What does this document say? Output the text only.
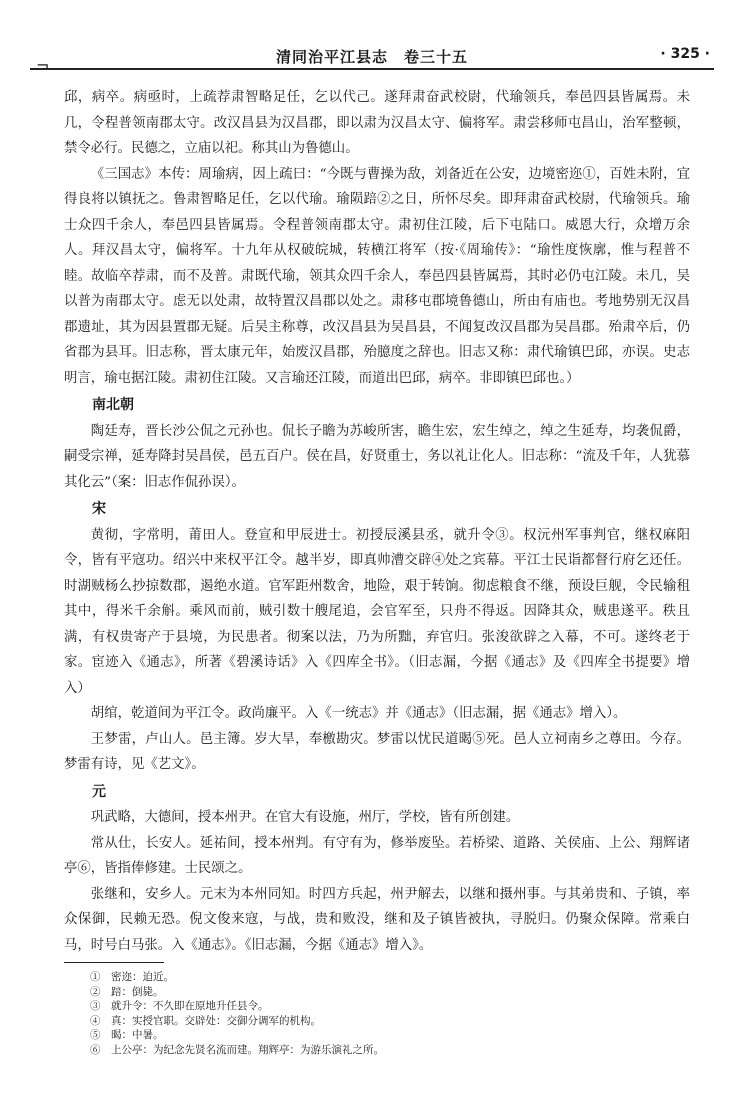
¬	清同治平江县志　卷三十五	· 325 ·

邱，病卒。病亟时，上疏荐肃智略足任，乞以代己。遂拜肃奋武校尉，代瑜领兵，奉邑四县皆属焉。未几，令程普领南郡太守。改汉昌县为汉昌郡，即以肃为汉昌太守、偏将军。肃尝移师屯昌山，治军整顿，禁令必行。民德之，立庙以祀。称其山为鲁德山。

《三国志》本传：周瑜病，因上疏曰：“今既与曹操为敌，刘备近在公安，边境密迩①，百姓未附，宜得良将以镇抚之。鲁肃智略足任，乞以代瑜。瑜陨踣②之日，所怀尽矣。即拜肃奋武校尉，代瑜领兵。瑜士众四千余人，奉邑四县皆属焉。令程普领南郡太守。肃初住江陵，后下屯陆口。威恩大行，众增万余人。拜汉昌太守，偏将军。十九年从权破皖城，转横江将军（按·《周瑜传》：“瑜性度恢廓，惟与程普不睦。故临卒荐肃，而不及普。肃既代瑜，领其众四千余人，奉邑四县皆属焉，其时必仍屯江陵。未几，吴以普为南郡太守。虑无以处肃，故特置汉昌郡以处之。肃移屯郡境鲁德山，所由有庙也。考地势别无汉昌郡遗址，其为因县置郡无疑。后吴主称尊，改汉昌县为吴昌县，不闻复改汉昌郡为吴昌郡。殆肃卒后，仍省郡为县耳。旧志称，晋太康元年，始废汉昌郡，殆臆度之辞也。旧志又称：肃代瑜镇巴邱，亦误。史志明言，瑜屯据江陵。肃初住江陵。又言瑜还江陵，而道出巴邱，病卒。非即镇巴邱也。）

南北朝

陶廷寿，晋长沙公侃之元孙也。侃长子瞻为苏峻所害，瞻生宏，宏生绰之，绰之生延寿，均袭侃爵，嗣受宗禅，延寿降封吴昌侯，邑五百户。侯在昌，好贤重士，务以礼让化人。旧志称：“流及千年，人犹慕其化云”（案：旧志作侃孙误）。

宋

黄彻，字常明，莆田人。登宣和甲辰进士。初授辰溪县丞，就升令③。权沅州军事判官，继权麻阳令，皆有平寇功。绍兴中来权平江令。越半岁，即真帅漕交辟④处之宾幕。平江士民诣都督行府乞还任。时湖贼杨么抄掠数郡，遏绝水道。官军距州数舍，地险，艰于转饷。彻虑粮食不继，预设巨舰，令民输租其中，得米千余斛。乘风而前，贼引数十艘尾追，会官军至，只舟不得返。因降其众，贼患遂平。秩且满，有权贵寄产于县境，为民患者。彻案以法，乃为所黜，弃官归。张浚欲辟之入幕，不可。遂终老于家。宦迹入《通志》，所著《碧溪诗话》入《四库全书》。（旧志漏，今据《通志》及《四库全书提要》增入）

胡绾，乾道间为平江令。政尚廉平。入《一统志》并《通志》（旧志漏，据《通志》增入）。

王梦雷，卢山人。邑主簿。岁大旱，奉檄勘灾。梦雷以忧民道暍⑤死。邑人立祠南乡之尊田。今存。梦雷有诗，见《艺文》。

元

巩武略，大德间，授本州尹。在官大有设施，州厅，学校，皆有所创建。

常从仕，长安人。延祐间，授本州判。有守有为，修举废坠。若桥梁、道路、关侯庙、上公、翔辉诸亭⑥，皆指俸修建。士民颂之。

张继和，安乡人。元末为本州同知。时四方兵起，州尹解去，以继和摄州事。与其弟贵和、子镇，率众保御，民赖无恐。倪文俊来寇，与战，贵和败没，继和及子镇皆被执，寻脱归。仍聚众保障。常乘白马，时号白马张。入《通志》。《旧志漏，今据《通志》增入》。

①　密迩：迫近。
②　踣：倒毙。
③　就升令：不久即在原地升任县令。
④　真：实授官职。交辟处：交御分调军的机构。
⑤　暍：中暑。
⑥　上公亭：为纪念先贤名流而建。翔辉亭：为游乐演礼之所。
